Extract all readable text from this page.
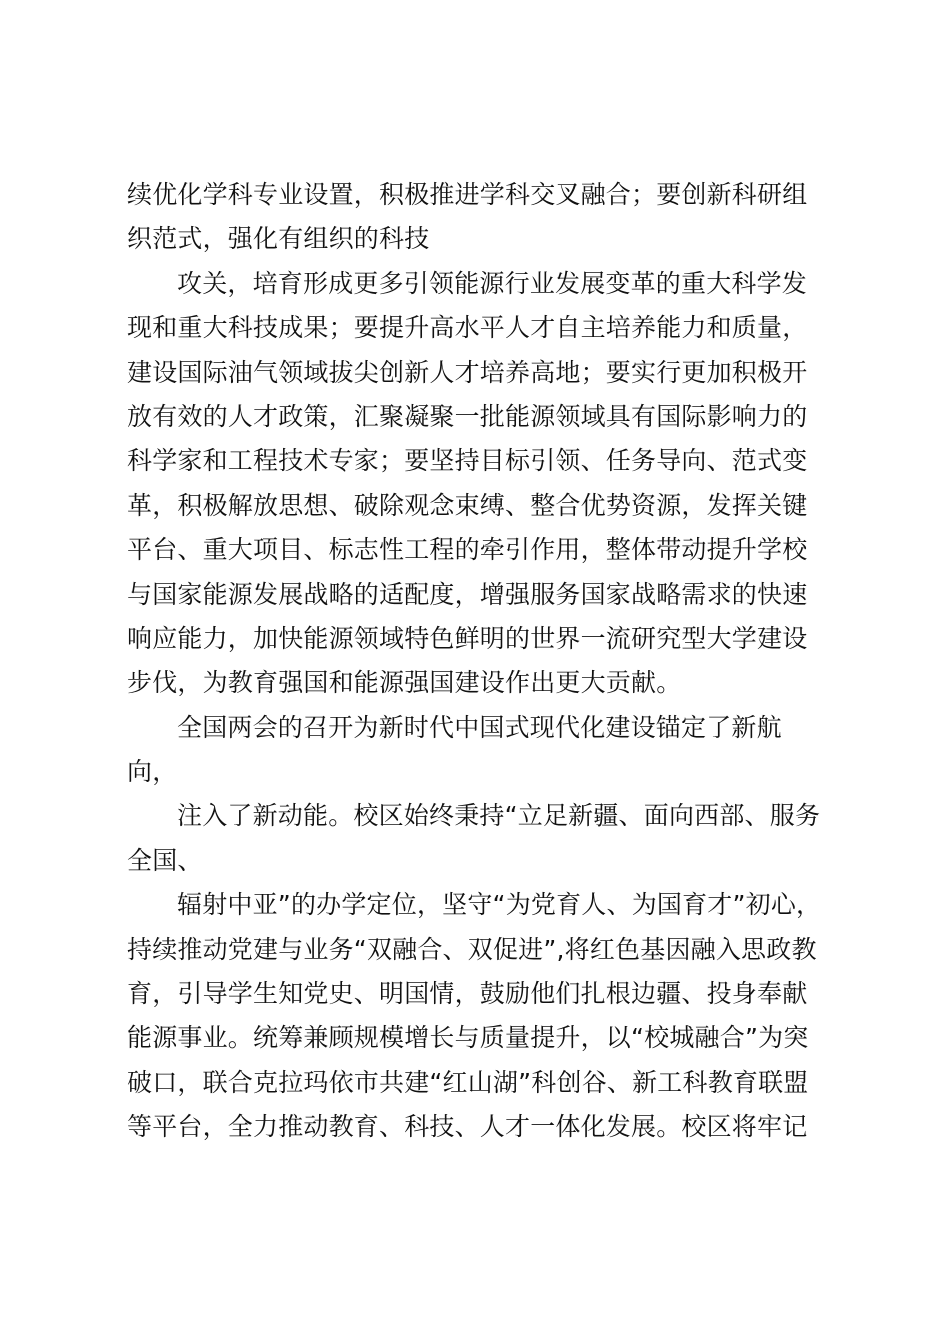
续优化学科专业设置，积极推进学科交叉融合；要创新科研组
织范式，强化有组织的科技
攻关，培育形成更多引领能源行业发展变革的重大科学发
现和重大科技成果；要提升高水平人才自主培养能力和质量，
建设国际油气领域拔尖创新人才培养高地；要实行更加积极开
放有效的人才政策，汇聚凝聚一批能源领域具有国际影响力的
科学家和工程技术专家；要坚持目标引领、任务导向、范式变
革，积极解放思想、破除观念束缚、整合优势资源，发挥关键
平台、重大项目、标志性工程的牵引作用，整体带动提升学校
与国家能源发展战略的适配度，增强服务国家战略需求的快速
响应能力，加快能源领域特色鲜明的世界一流研究型大学建设
步伐，为教育强国和能源强国建设作出更大贡献。
全国两会的召开为新时代中国式现代化建设锚定了新航
向，
注入了新动能。校区始终秉持“立足新疆、面向西部、服务
全国、
辐射中亚”的办学定位，坚守“为党育人、为国育才”初心，
持续推动党建与业务“双融合、双促进”,将红色基因融入思政教
育，引导学生知党史、明国情，鼓励他们扎根边疆、投身奉献
能源事业。统筹兼顾规模增长与质量提升，以“校城融合”为突
破口，联合克拉玛依市共建“红山湖”科创谷、新工科教育联盟
等平台，全力推动教育、科技、人才一体化发展。校区将牢记
